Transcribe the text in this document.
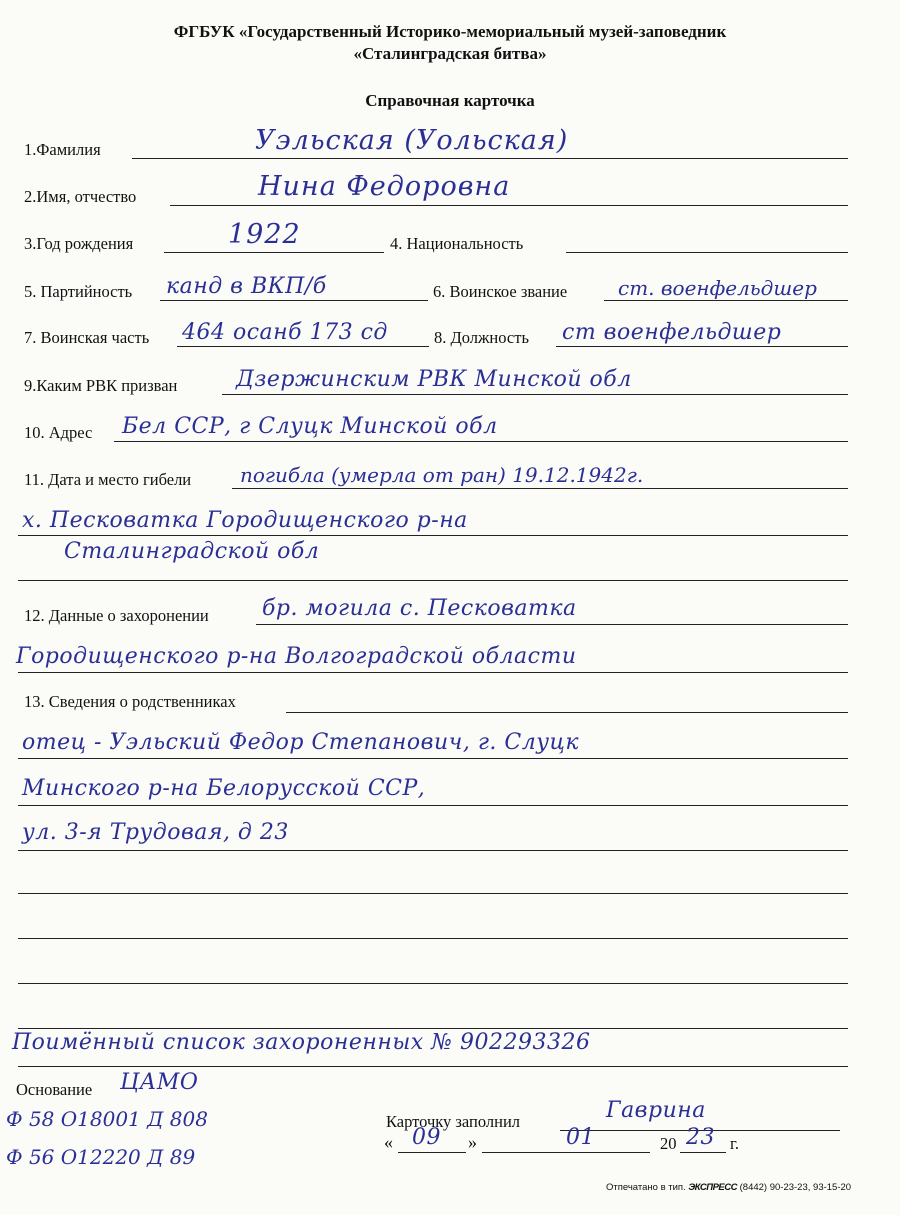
ФГБУК «Государственный Историко-мемориальный музей-заповедник
«Сталинградская битва»
Справочная карточка
1.Фамилия	Уэльская (Уольская)
2.Имя, отчество	Нина Федоровна
3.Год рождения	1922	4. Национальность
5. Партийность канд в ВКП/б	6. Воинское звание	ст. военфельдшер
7. Воинская часть 464 осанб 173 сд	8. Должность ст военфельдшер
9.Каким РВК призван	Дзержинским РВК Минской обл
10. Адрес Бел ССР, г Слуцк Минской обл
11. Дата и место гибели погибла (умерла от ран) 19.12.1942г.
х. Песковатка Городищенского р-на
Сталинградской обл
12. Данные о захоронении бр. могила с. Песковатка
Городищенского р-на Волгоградской области
13. Сведения о родственниках
отец - Уэльский Федор Степанович, г. Слуцк
Минского р-на Белорусской ССР,
ул. 3-я Трудовая, д 23
Поимённый список захороненных № 902293326
Основание ЦАМО
Ф 58 О18001 Д 808
Ф 56 О12220 Д 89
Карточку заполнил	Гаврина
« 09 »	01	20 23 г.
Отпечатано в тип. ЭКСПРЕСС (8442) 90-23-23, 93-15-20
